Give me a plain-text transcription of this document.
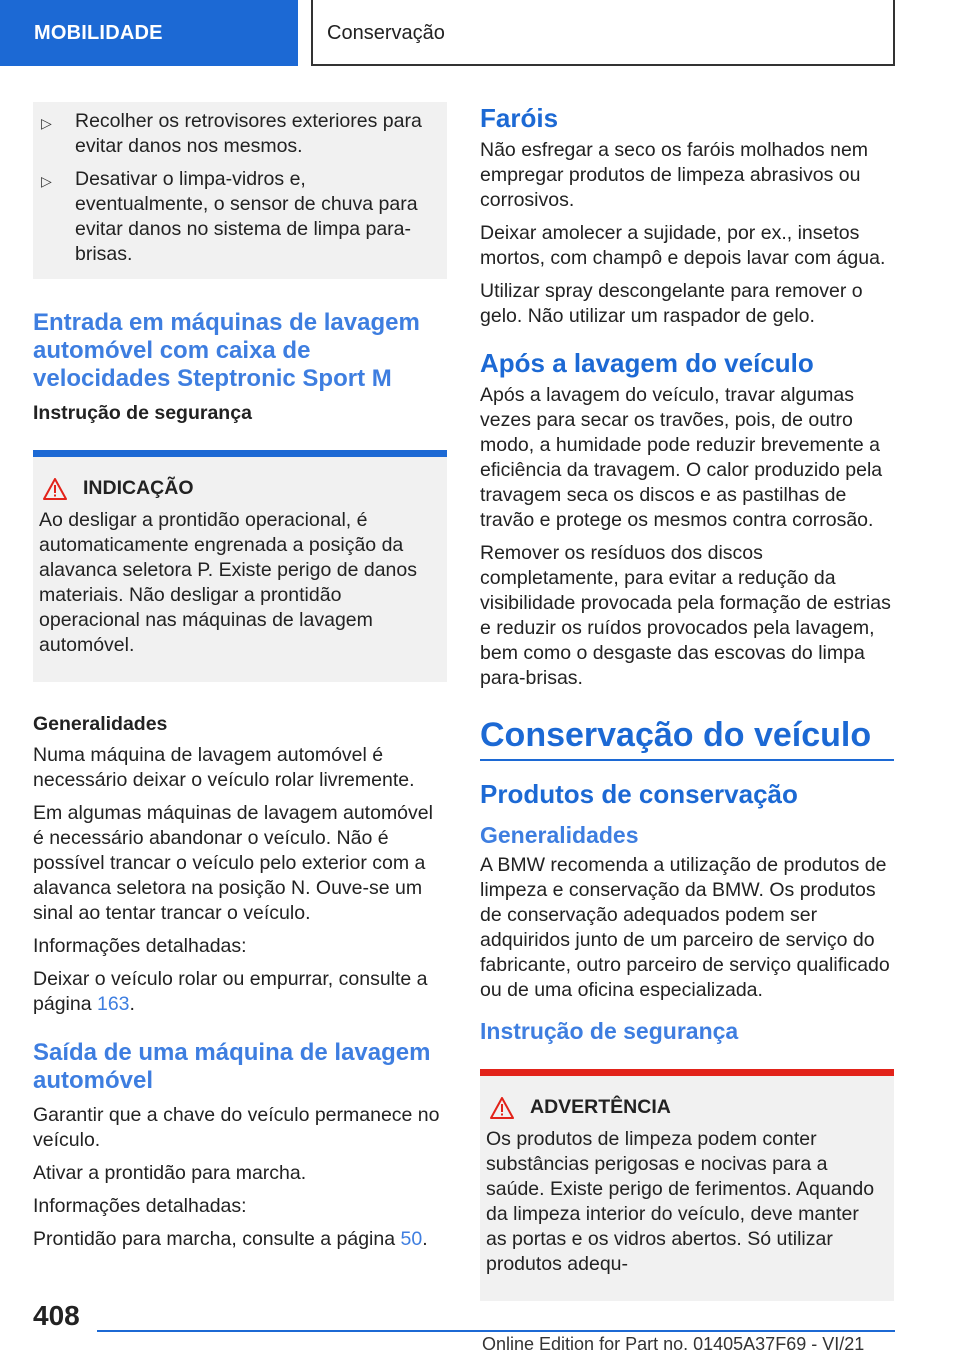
MOBILIDADE	Conservação
▷	Recolher os retrovisores exteriores para evitar danos nos mesmos.
▷	Desativar o limpa-vidros e, eventualmente, o sensor de chuva para evitar danos no sistema de limpa para-brisas.
Entrada em máquinas de lavagem automóvel com caixa de velocidades Steptronic Sport M
Instrução de segurança
INDICAÇÃO

Ao desligar a prontidão operacional, é automaticamente engrenada a posição da alavanca seletora P. Existe perigo de danos materiais. Não desligar a prontidão operacional nas máquinas de lavagem automóvel.

Generalidades

Numa máquina de lavagem automóvel é necessário deixar o veículo rolar livremente.

Em algumas máquinas de lavagem automóvel é necessário abandonar o veículo. Não é possível trancar o veículo pelo exterior com a alavanca seletora na posição N. Ouve-se um sinal ao tentar trancar o veículo.

Informações detalhadas:

Deixar o veículo rolar ou empurrar, consulte a página 163.

Saída de uma máquina de lavagem automóvel

Garantir que a chave do veículo permanece no veículo.

Ativar a prontidão para marcha.

Informações detalhadas:

Prontidão para marcha, consulte a página 50.

Faróis

Não esfregar a seco os faróis molhados nem empregar produtos de limpeza abrasivos ou corrosivos.

Deixar amolecer a sujidade, por ex., insetos mortos, com champô e depois lavar com água.

Utilizar spray descongelante para remover o gelo. Não utilizar um raspador de gelo.

Após a lavagem do veículo

Após a lavagem do veículo, travar algumas vezes para secar os travões, pois, de outro modo, a humidade pode reduzir brevemente a eficiência da travagem. O calor produzido pela travagem seca os discos e as pastilhas de travão e protege os mesmos contra corrosão.

Remover os resíduos dos discos completamente, para evitar a redução da visibilidade provocada pela formação de estrias e reduzir os ruídos provocados pela lavagem, bem como o desgaste das escovas do limpa para-brisas.

Conservação do veículo
Produtos de conservação
Generalidades

A BMW recomenda a utilização de produtos de limpeza e conservação da BMW. Os produtos de conservação adequados podem ser adquiridos junto de um parceiro de serviço do fabricante, outro parceiro de serviço qualificado ou de uma oficina especializada.

Instrução de segurança
ADVERTÊNCIA

Os produtos de limpeza podem conter substâncias perigosas e nocivas para a saúde. Existe perigo de ferimentos. Aquando da limpeza interior do veículo, deve manter as portas e os vidros abertos. Só utilizar produtos adequ-

408
Online Edition for Part no. 01405A37F69 - VI/21
